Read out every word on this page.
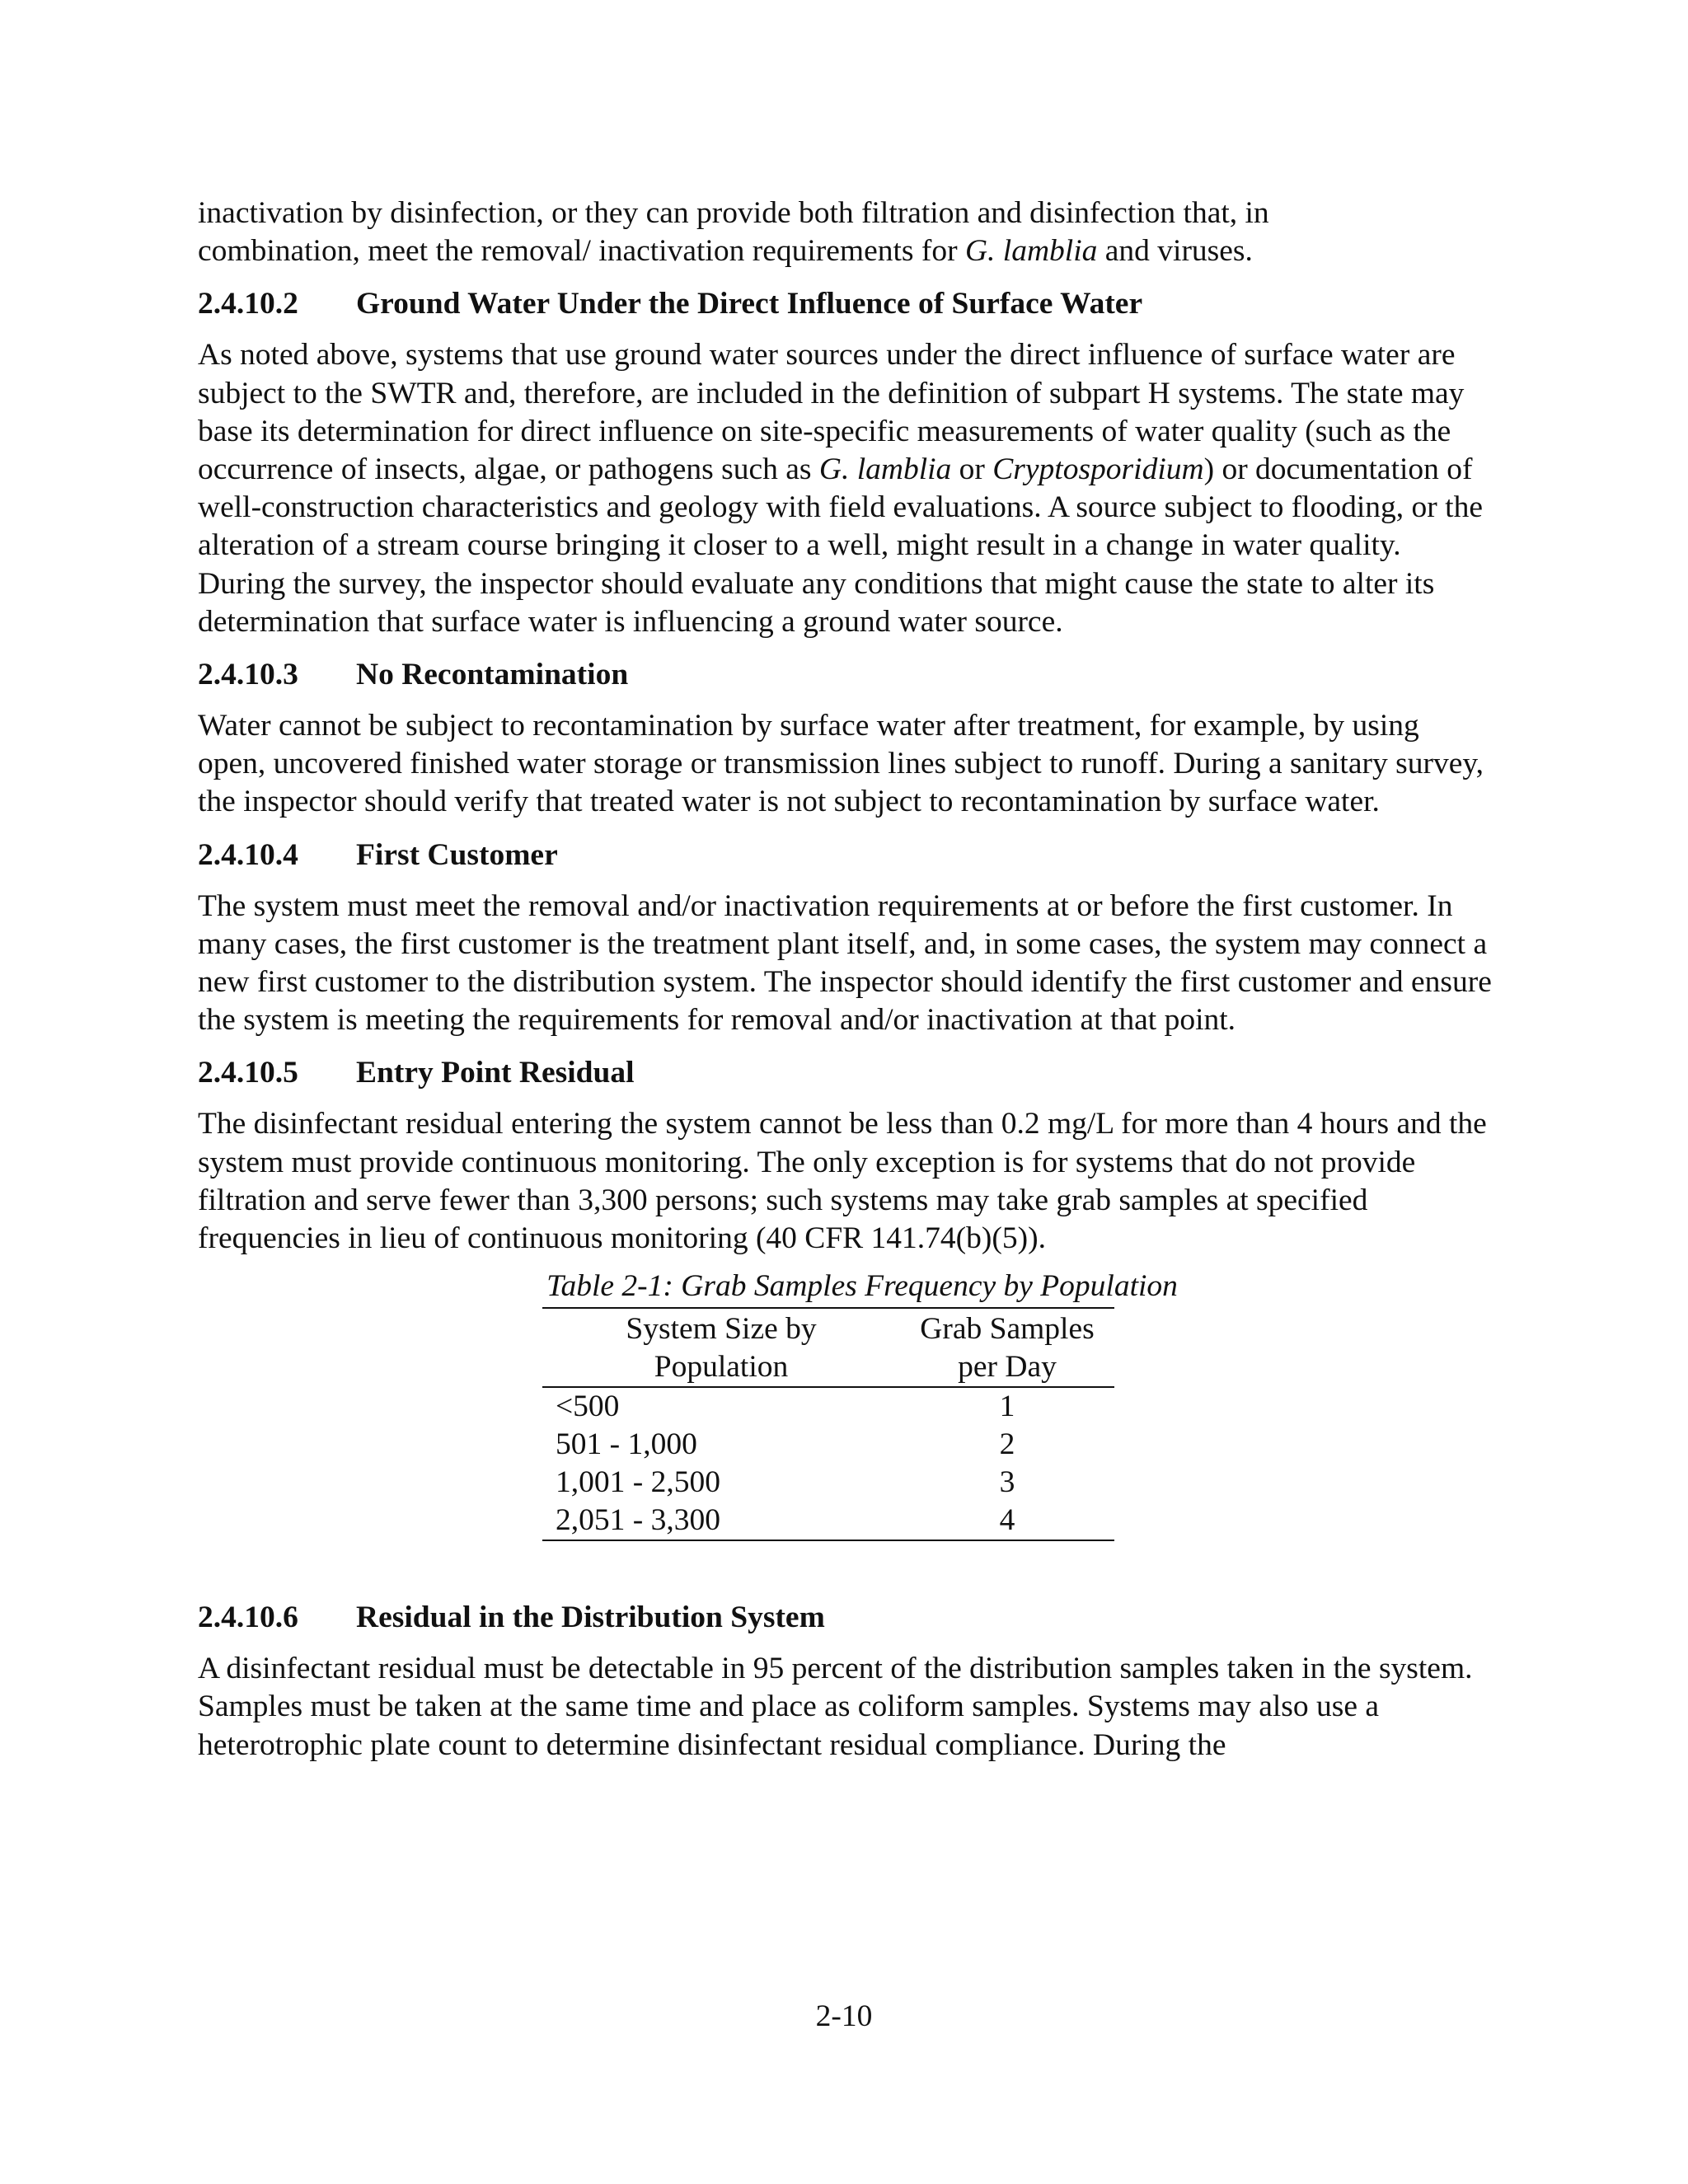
inactivation by disinfection, or they can provide both filtration and disinfection that, in
combination, meet the removal/ inactivation requirements for G. lamblia and viruses.

2.4.10.2 Ground Water Under the Direct Influence of Surface Water

As noted above, systems that use ground water sources under the direct influence of surface water are subject to the SWTR and, therefore, are included in the definition of subpart H systems. The state may base its determination for direct influence on site-specific measurements of water quality (such as the occurrence of insects, algae, or pathogens such as G. lamblia or Cryptosporidium) or documentation of well-construction characteristics and geology with field evaluations. A source subject to flooding, or the alteration of a stream course bringing it closer to a well, might result in a change in water quality. During the survey, the inspector should evaluate any conditions that might cause the state to alter its determination that surface water is influencing a ground water source.

2.4.10.3 No Recontamination

Water cannot be subject to recontamination by surface water after treatment, for example, by using open, uncovered finished water storage or transmission lines subject to runoff. During a sanitary survey, the inspector should verify that treated water is not subject to recontamination by surface water.

2.4.10.4 First Customer

The system must meet the removal and/or inactivation requirements at or before the first customer. In many cases, the first customer is the treatment plant itself, and, in some cases, the system may connect a new first customer to the distribution system. The inspector should identify the first customer and ensure the system is meeting the requirements for removal and/or inactivation at that point.

2.4.10.5 Entry Point Residual

The disinfectant residual entering the system cannot be less than 0.2 mg/L for more than 4 hours and the system must provide continuous monitoring. The only exception is for systems that do not provide filtration and serve fewer than 3,300 persons; such systems may take grab samples at specified frequencies in lieu of continuous monitoring (40 CFR 141.74(b)(5)).

Table 2-1: Grab Samples Frequency by Population
System Size by
Population	Grab Samples
per Day
<500	1
501 - 1,000	2
1,001 - 2,500	3
2,051 - 3,300	4
2.4.10.6 Residual in the Distribution System

A disinfectant residual must be detectable in 95 percent of the distribution samples taken in the system. Samples must be taken at the same time and place as coliform samples. Systems may also use a heterotrophic plate count to determine disinfectant residual compliance. During the

2-10
